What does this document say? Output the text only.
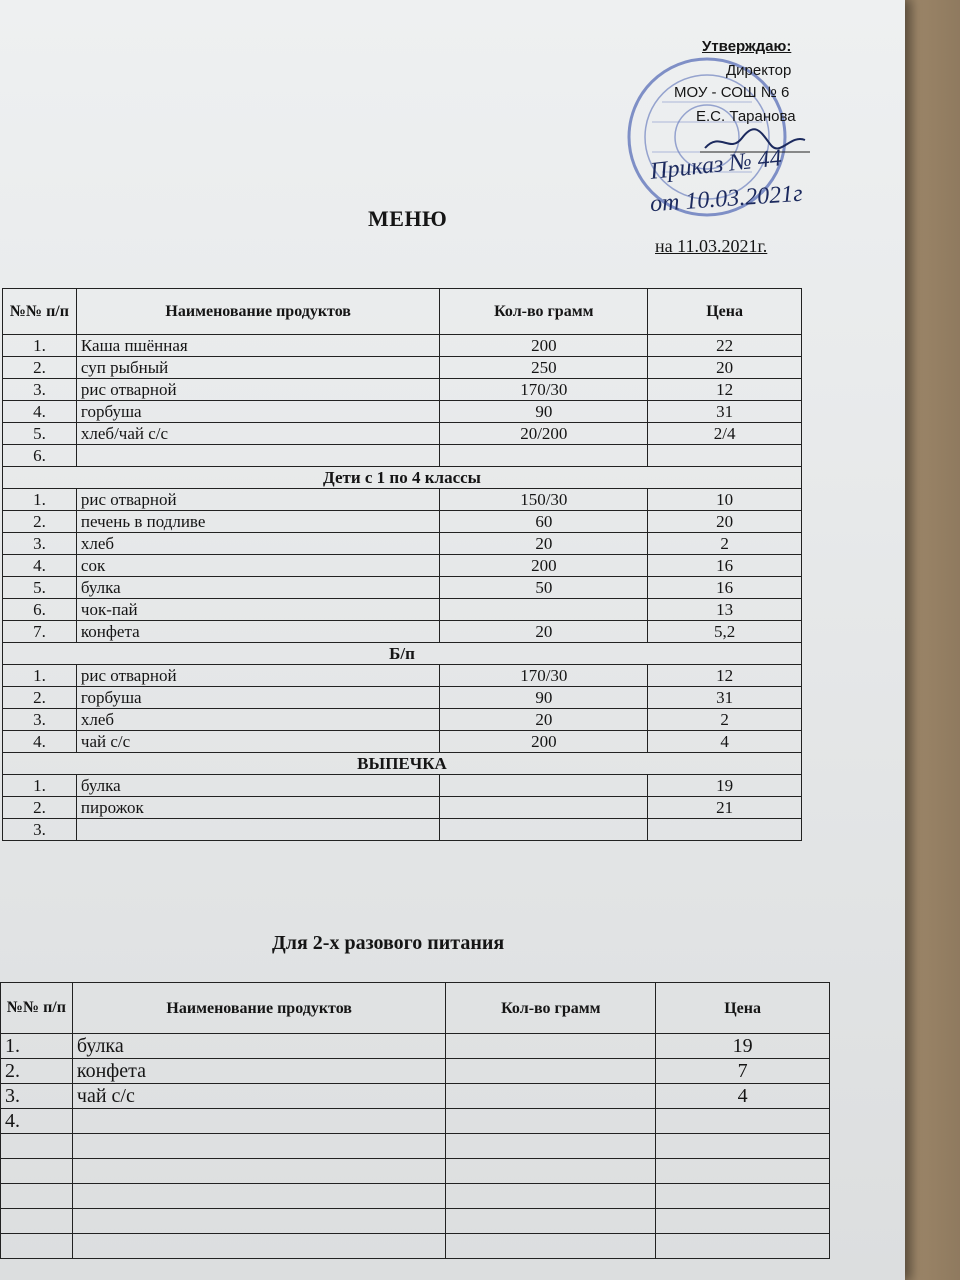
Утверждаю:
Директор
МОУ - СОШ № 6
Е.С. Таранова
Приказ № 44
от 10.03.2021г
МЕНЮ
на 11.03.2021г.
№№ п/п	Наименование продуктов	Кол-во грамм	Цена
1.	Каша пшённая	200	22
2.	суп рыбный	250	20
3.	рис отварной	170/30	12
4.	горбуша	90	31
5.	хлеб/чай с/с	20/200	2/4
6.			
Дети с 1 по 4 классы			
1.	рис отварной	150/30	10
2.	печень в подливе	60	20
3.	хлеб	20	2
4.	сок	200	16
5.	булка	50	16
6.	чок-пай		13
7.	конфета	20	5,2
Б/п			
1.	рис отварной	170/30	12
2.	горбуша	90	31
3.	хлеб	20	2
4.	чай с/с	200	4
ВЫПЕЧКА			
1.	булка		19
2.	пирожок		21
3.			
Для 2-х разового питания
№№ п/п	Наименование продуктов	Кол-во грамм	Цена
1.	булка		19
2.	конфета		7
3.	чай с/с		4
4.			
